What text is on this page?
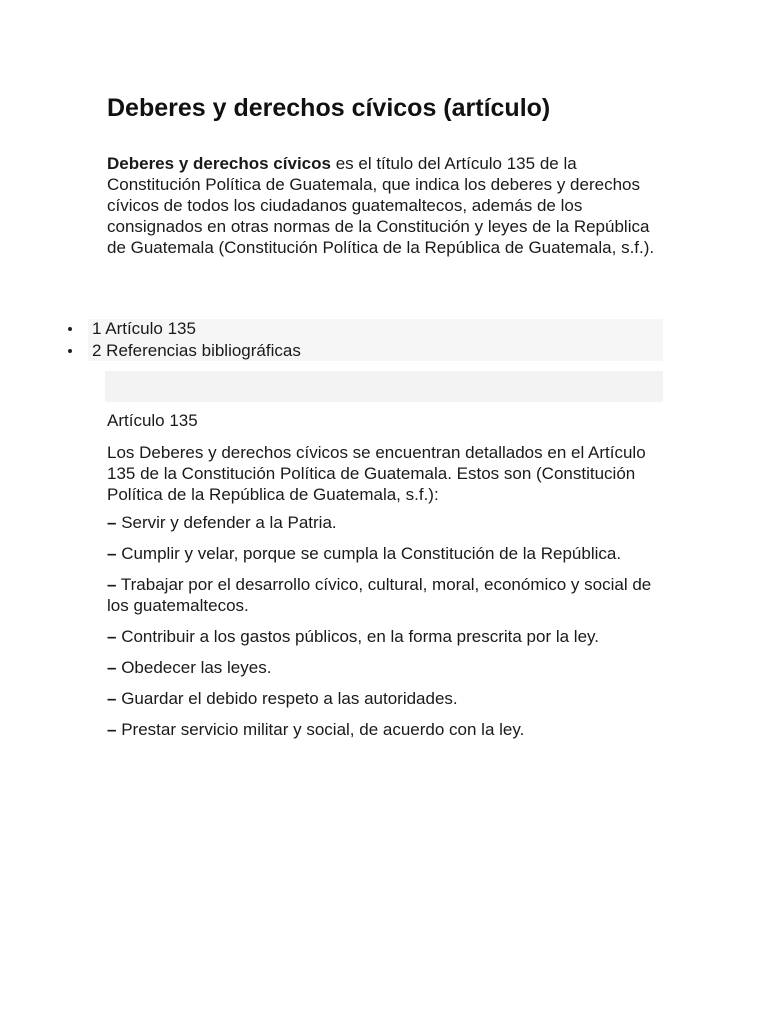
Deberes y derechos cívicos (artículo)

Deberes y derechos cívicos es el título del Artículo 135 de la Constitución Política de Guatemala, que indica los deberes y derechos cívicos de todos los ciudadanos guatemaltecos, además de los consignados en otras normas de la Constitución y leyes de la República de Guatemala (Constitución Política de la República de Guatemala, s.f.).

1 Artículo 135
2 Referencias bibliográficas
Artículo 135

Los Deberes y derechos cívicos se encuentran detallados en el Artículo 135 de la Constitución Política de Guatemala. Estos son (Constitución Política de la República de Guatemala, s.f.):

– Servir y defender a la Patria.
– Cumplir y velar, porque se cumpla la Constitución de la República.
– Trabajar por el desarrollo cívico, cultural, moral, económico y social de los guatemaltecos.
– Contribuir a los gastos públicos, en la forma prescrita por la ley.
– Obedecer las leyes.
– Guardar el debido respeto a las autoridades.
– Prestar servicio militar y social, de acuerdo con la ley.
